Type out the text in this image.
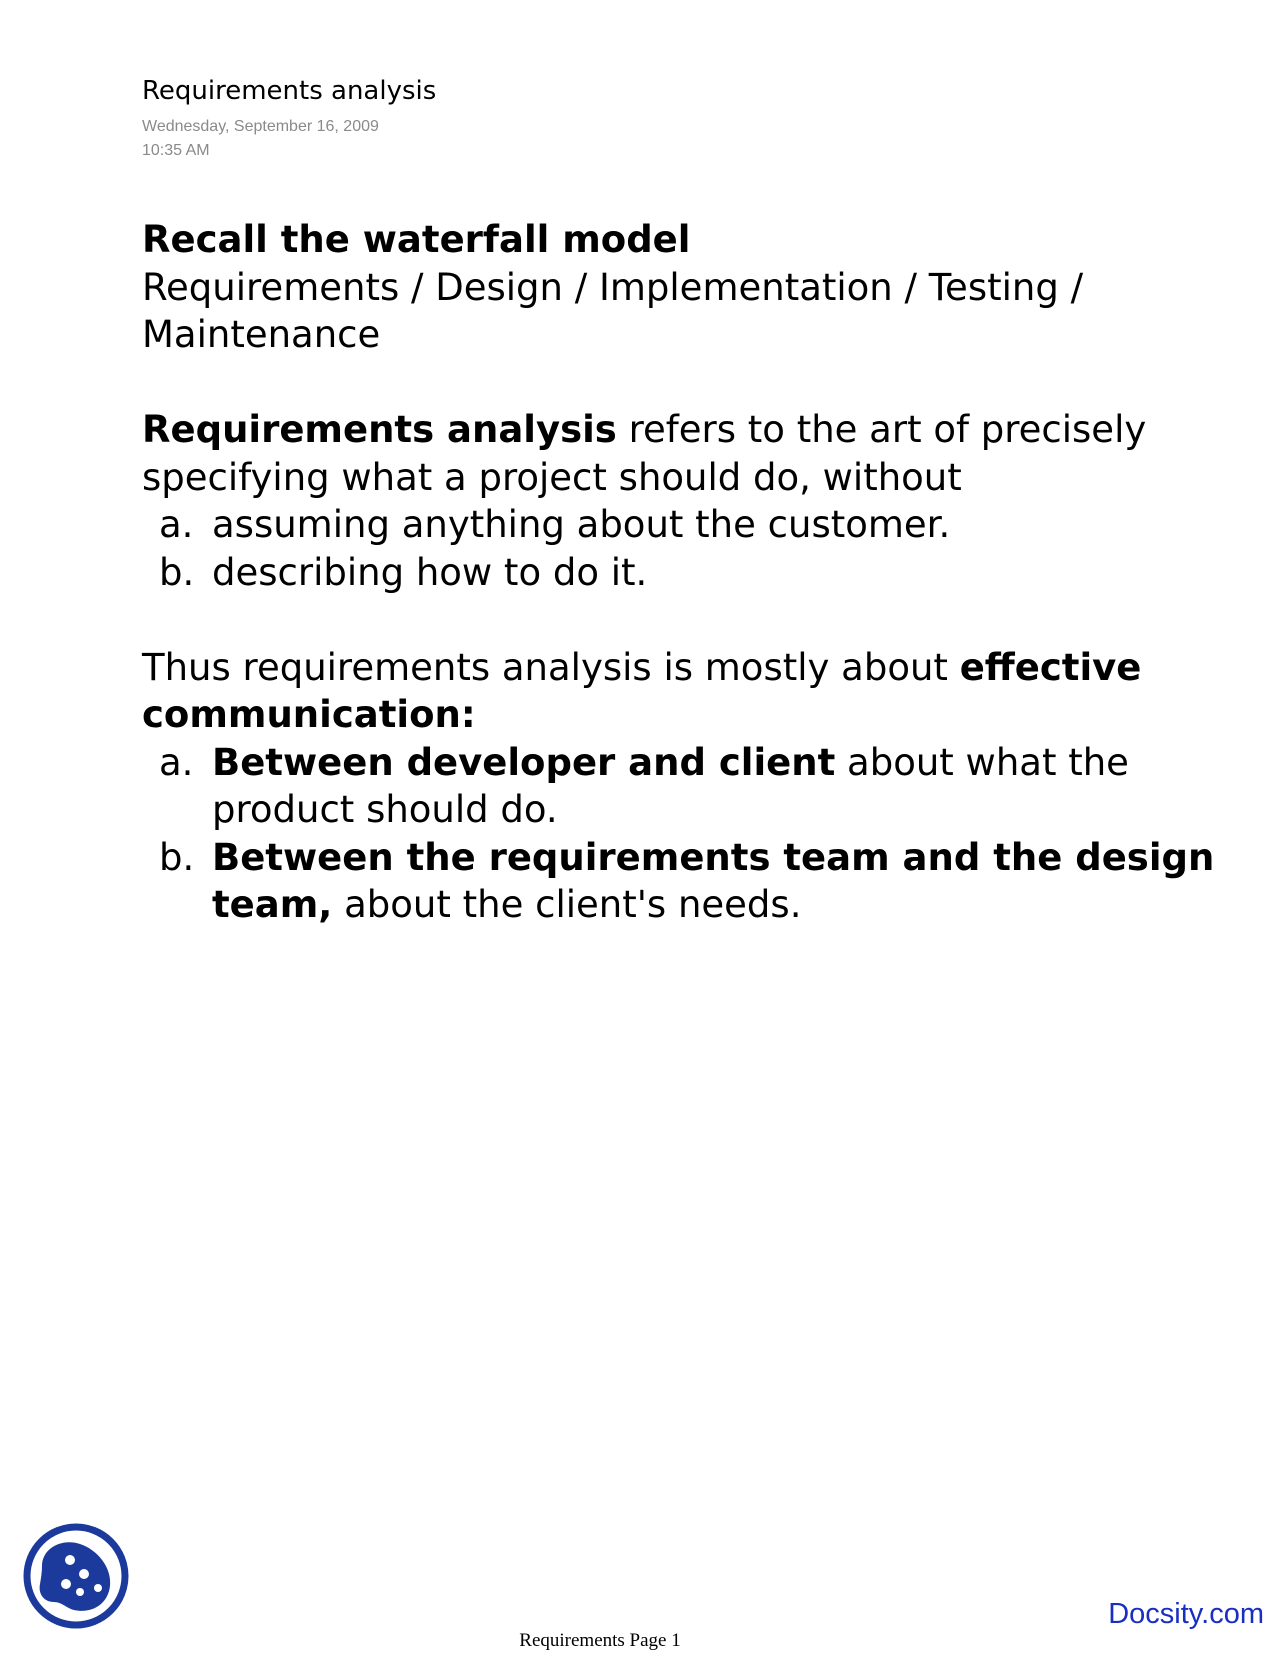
Requirements analysis
Wednesday, September 16, 2009
10:35 AM

Recall the waterfall model

Requirements / Design / Implementation / Testing /

Maintenance

Requirements analysis refers to the art of precisely

specifying what a project should do, without

a. assuming anything about the customer.
b. describing how to do it.

Thus requirements analysis is mostly about effective

communication:

a. Between developer and client about what the product should do.
b. Between the requirements team and the design team, about the client's needs.
Docsity.com
Requirements Page 1
